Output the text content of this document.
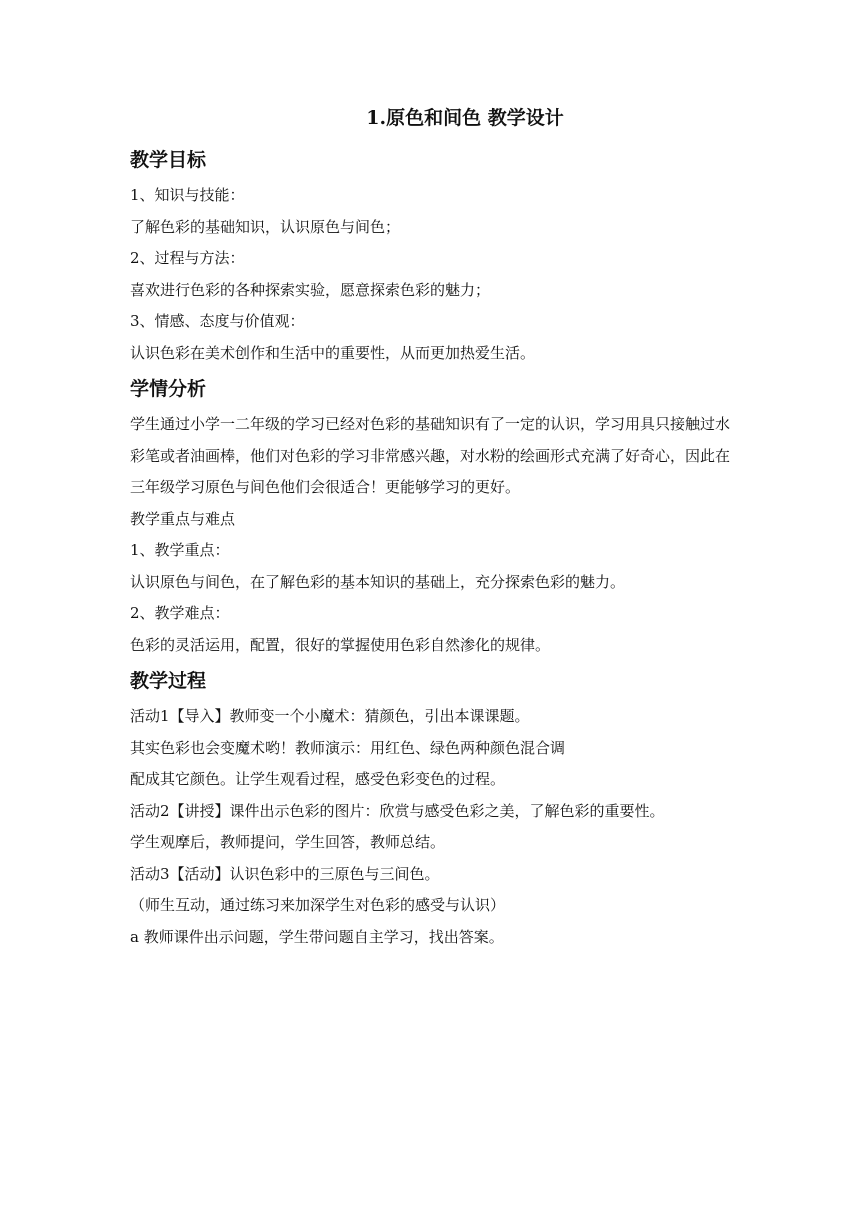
1.原色和间色 教学设计
教学目标
1、知识与技能：
了解色彩的基础知识，认识原色与间色；
2、过程与方法：
喜欢进行色彩的各种探索实验，愿意探索色彩的魅力；
3、情感、态度与价值观：
认识色彩在美术创作和生活中的重要性，从而更加热爱生活。
学情分析
学生通过小学一二年级的学习已经对色彩的基础知识有了一定的认识，学习用具只接触过水彩笔或者油画棒，他们对色彩的学习非常感兴趣，对水粉的绘画形式充满了好奇心，因此在三年级学习原色与间色他们会很适合！更能够学习的更好。
教学重点与难点
1、教学重点：
认识原色与间色，在了解色彩的基本知识的基础上，充分探索色彩的魅力。
2、教学难点：
色彩的灵活运用，配置，很好的掌握使用色彩自然渗化的规律。
教学过程
活动1【导入】教师变一个小魔术：猜颜色，引出本课课题。
其实色彩也会变魔术哟！教师演示：用红色、绿色两种颜色混合调配成其它颜色。让学生观看过程，感受色彩变色的过程。
活动2【讲授】课件出示色彩的图片：欣赏与感受色彩之美，了解色彩的重要性。
学生观摩后，教师提问，学生回答，教师总结。
活动3【活动】认识色彩中的三原色与三间色。
（师生互动，通过练习来加深学生对色彩的感受与认识）
a 教师课件出示问题，学生带问题自主学习，找出答案。
